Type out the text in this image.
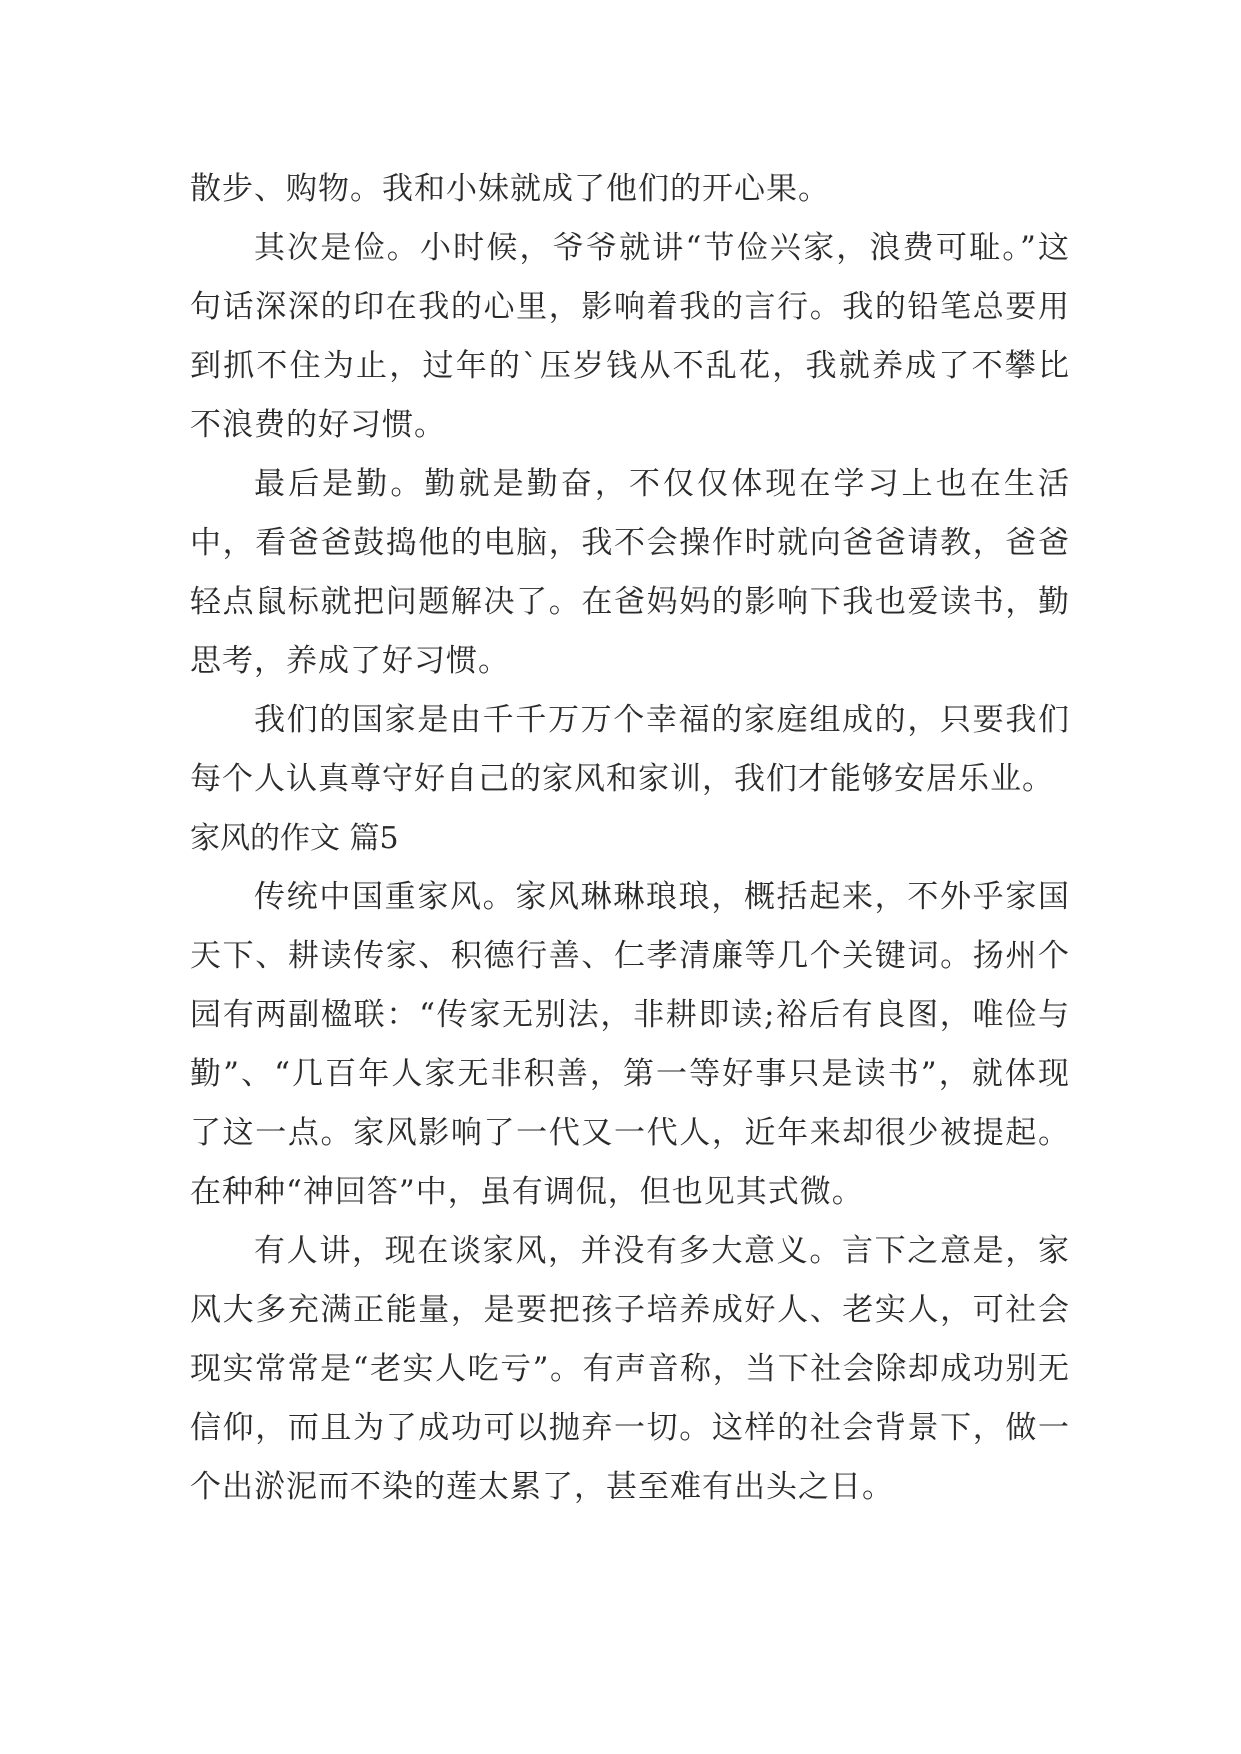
散步、购物。我和小妹就成了他们的开心果。

其次是俭。小时候，爷爷就讲“节俭兴家，浪费可耻。”这句话深深的印在我的心里，影响着我的言行。我的铅笔总要用到抓不住为止，过年的`压岁钱从不乱花，我就养成了不攀比不浪费的好习惯。

最后是勤。勤就是勤奋，不仅仅体现在学习上也在生活中，看爸爸鼓捣他的电脑，我不会操作时就向爸爸请教，爸爸轻点鼠标就把问题解决了。在爸妈妈的影响下我也爱读书，勤思考，养成了好习惯。

我们的国家是由千千万万个幸福的家庭组成的，只要我们每个人认真尊守好自己的家风和家训，我们才能够安居乐业。

家风的作文 篇5

传统中国重家风。家风琳琳琅琅，概括起来，不外乎家国天下、耕读传家、积德行善、仁孝清廉等几个关键词。扬州个园有两副楹联：“传家无别法，非耕即读;裕后有良图，唯俭与勤”、“几百年人家无非积善，第一等好事只是读书”，就体现了这一点。家风影响了一代又一代人，近年来却很少被提起。在种种“神回答”中，虽有调侃，但也见其式微。

有人讲，现在谈家风，并没有多大意义。言下之意是，家风大多充满正能量，是要把孩子培养成好人、老实人，可社会现实常常是“老实人吃亏”。有声音称，当下社会除却成功别无信仰，而且为了成功可以抛弃一切。这样的社会背景下，做一个出淤泥而不染的莲太累了，甚至难有出头之日。
